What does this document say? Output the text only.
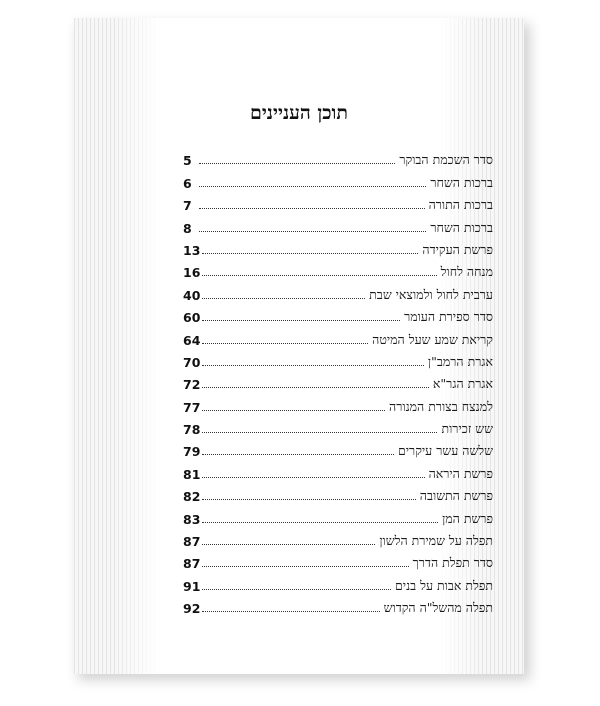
תוכן העניינים
סדר השכמת הבוקר
5
ברכות השחר
6
ברכות התורה
7
ברכות השחר
8
פרשת העקידה
13
מנחה לחול
16
ערבית לחול ולמוצאי שבת
40
סדר ספירת העומר
60
קריאת שמע שעל המיטה
64
אגרת הרמב"ן
70
אגרת הגר"א
72
למנצח בצורת המנורה
77
שש זכירות
78
שלשה עשר עיקרים
79
פרשת היראה
81
פרשת התשובה
82
פרשת המן
83
תפלה על שמירת הלשון
87
סדר תפלת הדרך
87
תפלת אבות על בנים
91
תפלה מהשל"ה הקדוש
92
